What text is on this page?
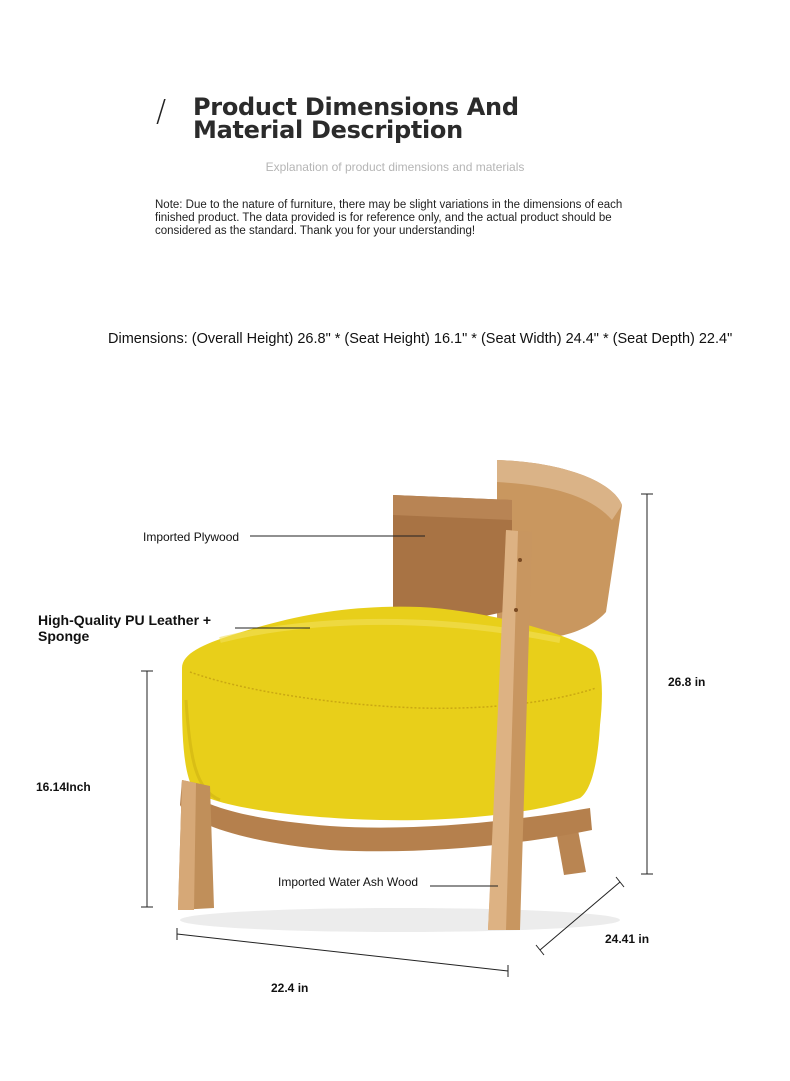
/ Product Dimensions And Material Description
Explanation of product dimensions and materials
Note: Due to the nature of furniture, there may be slight variations in the dimensions of each finished product. The data provided is for reference only, and the actual product should be considered as the standard. Thank you for your understanding!
Dimensions: (Overall Height) 26.8" * (Seat Height) 16.1" * (Seat Width) 24.4" * (Seat Depth) 22.4"
Imported Plywood
High-Quality PU Leather + Sponge
Imported Water Ash Wood
26.8 in
16.14Inch
24.41 in
22.4 in
